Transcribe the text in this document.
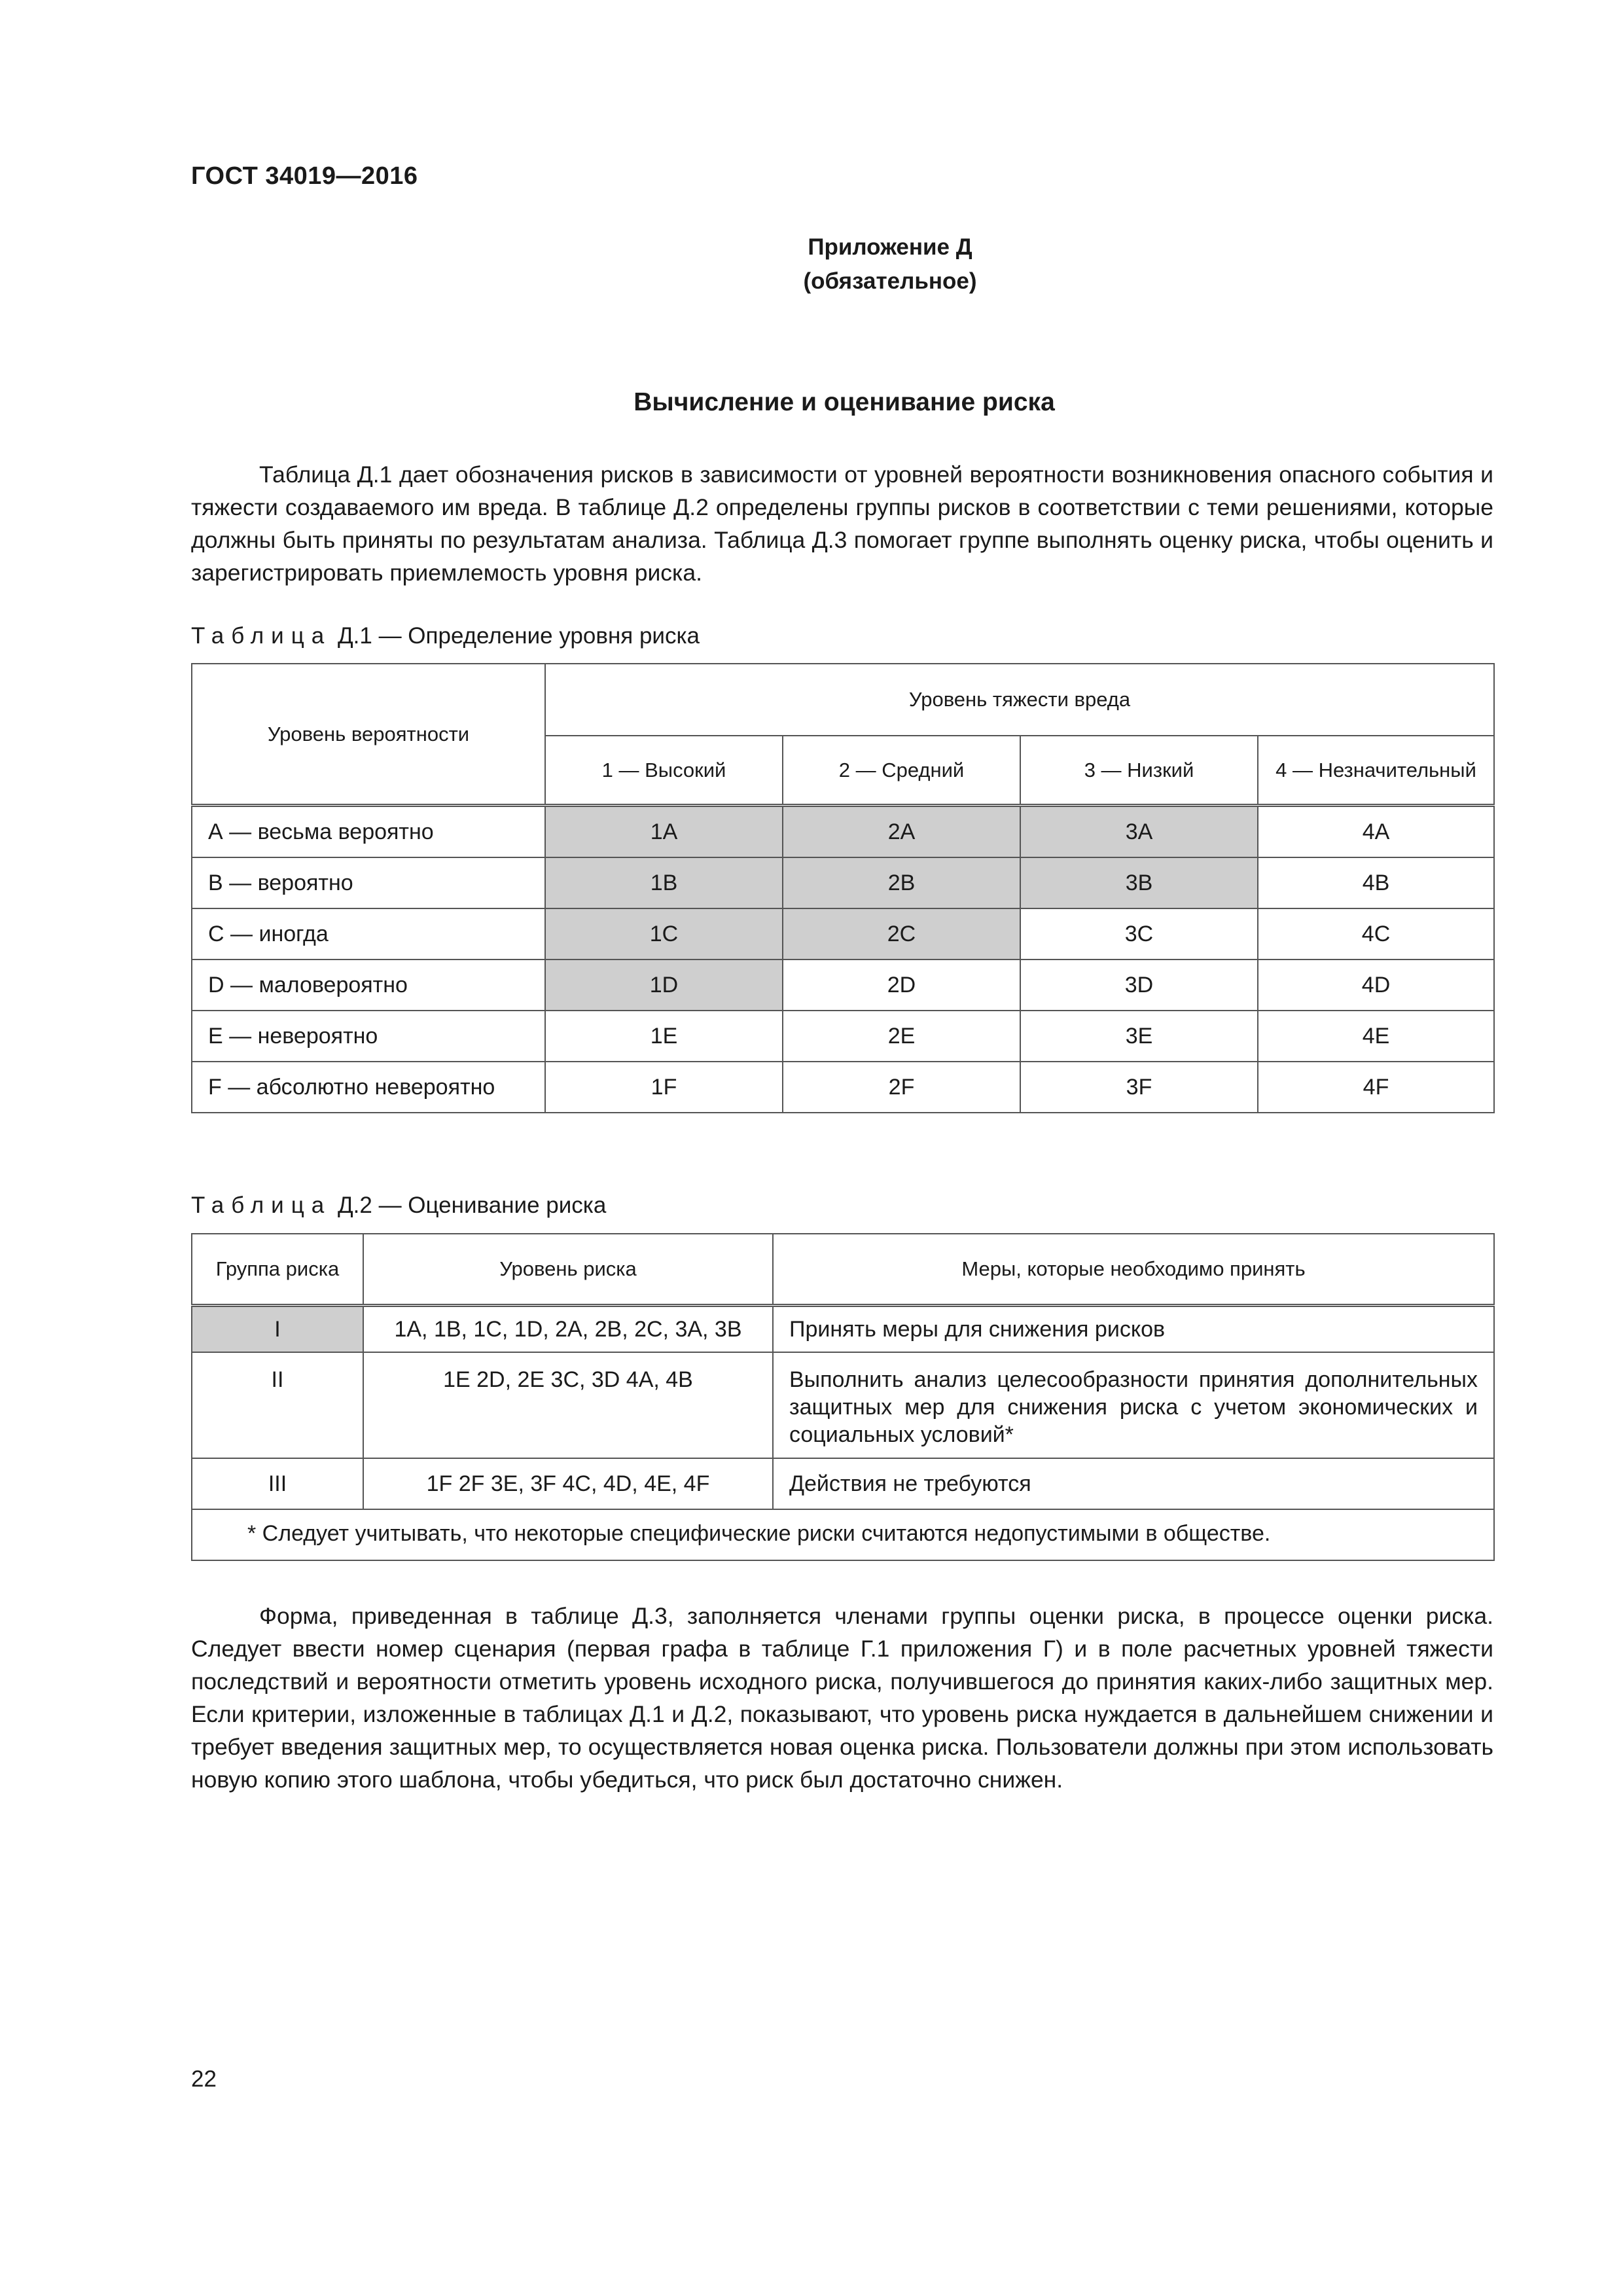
ГОСТ 34019—2016
Приложение Д
(обязательное)
Вычисление и оценивание риска

Таблица Д.1 дает обозначения рисков в зависимости от уровней вероятности возникновения опасного события и тяжести создаваемого им вреда. В таблице Д.2 определены группы рисков в соответствии с теми решениями, которые должны быть приняты по результатам анализа. Таблица Д.3 помогает группе выполнять оценку риска, чтобы оценить и зарегистрировать приемлемость уровня риска.

Таблица Д.1 — Определение уровня риска
Уровень вероятности	Уровень тяжести вреда			
	1 — Высокий	2 — Средний	3 — Низкий	4 — Незначительный
А — весьма вероятно	1А	2А	3А	4А
В — вероятно	1В	2В	3В	4В
С — иногда	1С	2С	3С	4С
D — маловероятно	1D	2D	3D	4D
Е — невероятно	1Е	2Е	3Е	4Е
F — абсолютно невероятно	1F	2F	3F	4F
Таблица Д.2 — Оценивание риска
Группа риска	Уровень риска	Меры, которые необходимо принять
I	1А, 1В, 1С, 1D, 2А, 2В, 2С, 3А, 3В	Принять меры для снижения рисков
II	1Е 2D, 2Е 3С, 3D 4А, 4В	Выполнить анализ целесообразности принятия дополнительных защитных мер для снижения риска с учетом экономических и социальных условий*
III	1F 2F 3Е, 3F 4С, 4D, 4Е, 4F	Действия не требуются
* Следует учитывать, что некоторые специфические риски считаются недопустимыми в обществе.		

Форма, приведенная в таблице Д.3, заполняется членами группы оценки риска, в процессе оценки риска. Следует ввести номер сценария (первая графа в таблице Г.1 приложения Г) и в поле расчетных уровней тяжести последствий и вероятности отметить уровень исходного риска, получившегося до принятия каких-либо защитных мер. Если критерии, изложенные в таблицах Д.1 и Д.2, показывают, что уровень риска нуждается в дальнейшем снижении и требует введения защитных мер, то осуществляется новая оценка риска. Пользователи должны при этом использовать новую копию этого шаблона, чтобы убедиться, что риск был достаточно снижен.

22
